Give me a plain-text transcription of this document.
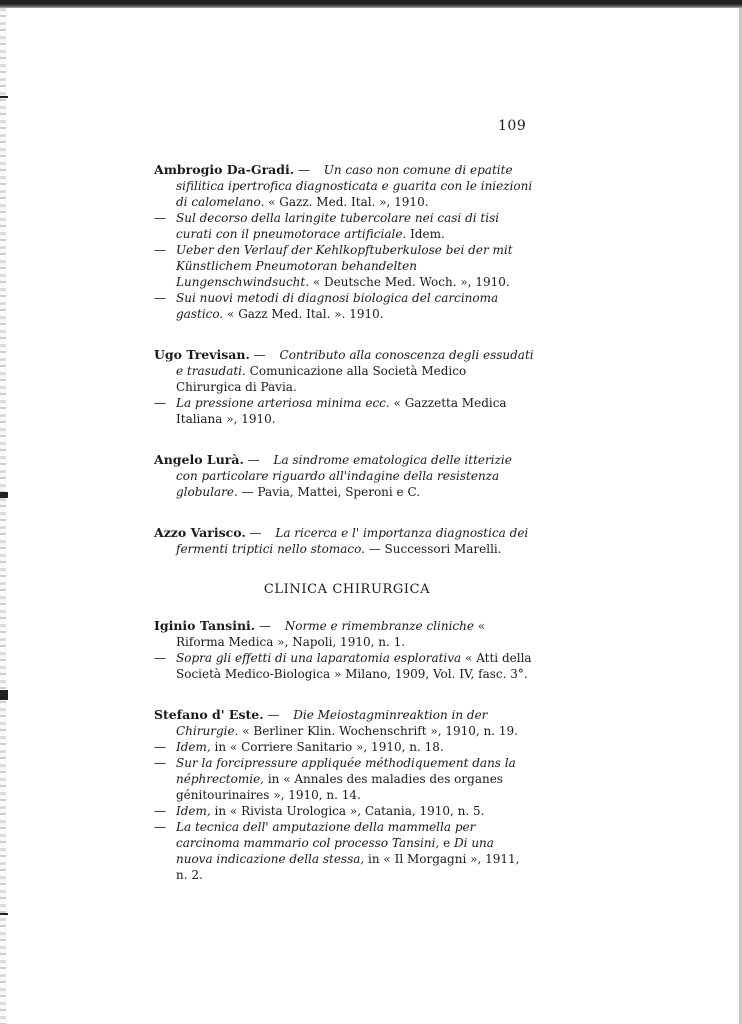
109

Ambrogio Da-Gradi. — Un caso non comune di epatite sifilitica ipertrofica diagnosticata e guarita con le iniezioni di calomelano. « Gazz. Med. Ital. », 1910.

— Sul decorso della laringite tubercolare nei casi di tisi curati con il pneumotorace artificiale. Idem.

— Ueber den Verlauf der Kehlkopftuberkulose bei der mit Künstlichem Pneumotoran behandelten Lungenschwindsucht. « Deutsche Med. Woch. », 1910.

— Sui nuovi metodi di diagnosi biologica del carcinoma gastico. « Gazz Med. Ital. ». 1910.

Ugo Trevisan. — Contributo alla conoscenza degli essudati e trasudati. Comunicazione alla Società Medico Chirurgica di Pavia.

— La pressione arteriosa minima ecc. « Gazzetta Medica Italiana », 1910.

Angelo Lurà. — La sindrome ematologica delle itterizie con particolare riguardo all'indagine della resistenza globulare. — Pavia, Mattei, Speroni e C.

Azzo Varisco. — La ricerca e l' importanza diagnostica dei fermenti triptici nello stomaco. — Successori Marelli.

CLINICA CHIRURGICA

Iginio Tansini. — Norme e rimembranze cliniche « Riforma Medica », Napoli, 1910, n. 1.

— Sopra gli effetti di una laparatomia esplorativa « Atti della Società Medico-Biologica » Milano, 1909, Vol. IV, fasc. 3°.

Stefano d' Este. — Die Meiostagminreaktion in der Chirurgie. « Berliner Klin. Wochenschrift », 1910, n. 19.

— Idem, in « Corriere Sanitario », 1910, n. 18.

— Sur la forcipressure appliquée méthodiquement dans la néphrectomie, in « Annales des maladies des organes génitourinaires », 1910, n. 14.

— Idem, in « Rivista Urologica », Catania, 1910, n. 5.

— La tecnica dell' amputazione della mammella per carcinoma mammario col processo Tansini, e Di una nuova indicazione della stessa, in « Il Morgagni », 1911, n. 2.
